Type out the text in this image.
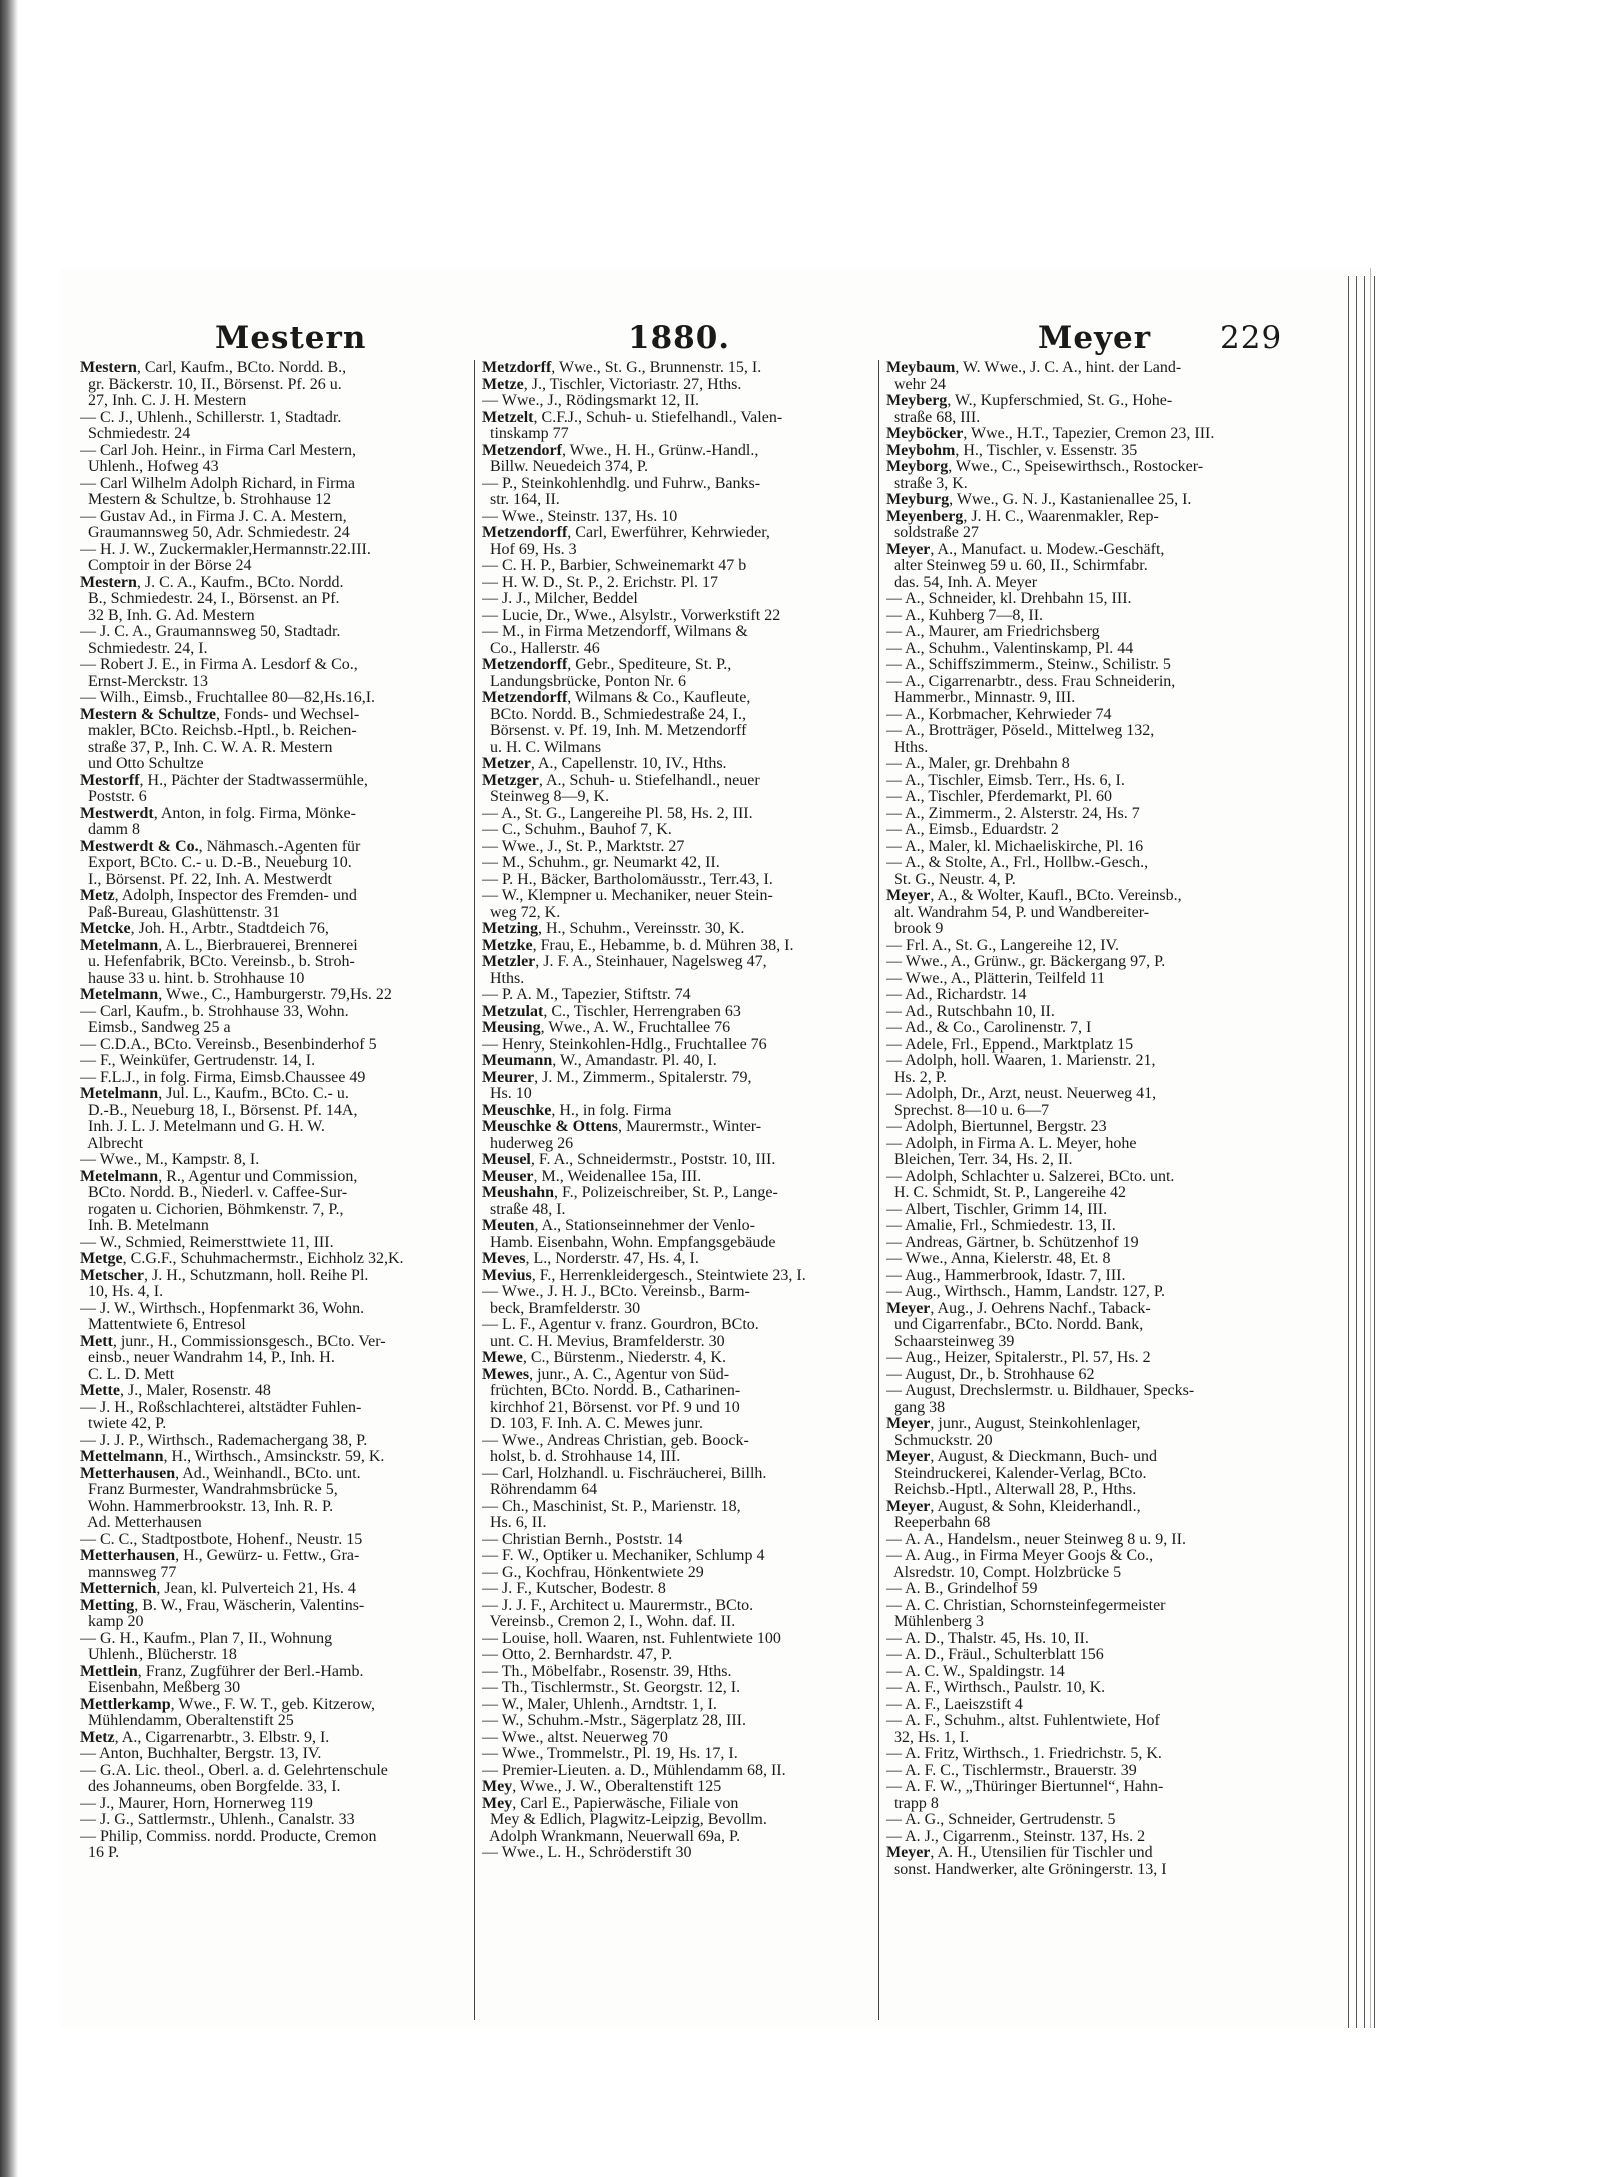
Mestern	1880.	Meyer 229
Mestern, Carl, Kaufm., BCto. Nordd. B.,
gr. Bäckerstr. 10, II., Börsenst. Pf. 26 u.
27, Inh. C. J. H. Mestern
— C. J., Uhlenh., Schillerstr. 1, Stadtadr.
Schmiedestr. 24
— Carl Joh. Heinr., in Firma Carl Mestern,
Uhlenh., Hofweg 43
— Carl Wilhelm Adolph Richard, in Firma
Mestern & Schultze, b. Strohhause 12
— Gustav Ad., in Firma J. C. A. Mestern,
Graumannsweg 50, Adr. Schmiedestr. 24
— H. J. W., Zuckermakler,Hermannstr.22.III.
Comptoir in der Börse 24
Mestern, J. C. A., Kaufm., BCto. Nordd.
B., Schmiedestr. 24, I., Börsenst. an Pf.
32 B, Inh. G. Ad. Mestern
— J. C. A., Graumannsweg 50, Stadtadr.
Schmiedestr. 24, I.
— Robert J. E., in Firma A. Lesdorf & Co.,
Ernst-Merckstr. 13
— Wilh., Eimsb., Fruchtallee 80—82,Hs.16,I.
Mestern & Schultze, Fonds- und Wechsel-
makler, BCto. Reichsb.-Hptl., b. Reichen-
straße 37, P., Inh. C. W. A. R. Mestern
und Otto Schultze
Mestorff, H., Pächter der Stadtwassermühle,
Poststr. 6
Mestwerdt, Anton, in folg. Firma, Mönke-
damm 8
Mestwerdt & Co., Nähmasch.-Agenten für
Export, BCto. C.- u. D.-B., Neueburg 10.
I., Börsenst. Pf. 22, Inh. A. Mestwerdt
Metz, Adolph, Inspector des Fremden- und
Paß-Bureau, Glashüttenstr. 31
Metcke, Joh. H., Arbtr., Stadtdeich 76,
Metelmann, A. L., Bierbrauerei, Brennerei
u. Hefenfabrik, BCto. Vereinsb., b. Stroh-
hause 33 u. hint. b. Strohhause 10
Metelmann, Wwe., C., Hamburgerstr. 79,Hs. 22
— Carl, Kaufm., b. Strohhause 33, Wohn.
Eimsb., Sandweg 25 a
— C.D.A., BCto. Vereinsb., Besenbinderhof 5
— F., Weinküfer, Gertrudenstr. 14, I.
— F.L.J., in folg. Firma, Eimsb.Chaussee 49
Metelmann, Jul. L., Kaufm., BCto. C.- u.
D.-B., Neueburg 18, I., Börsenst. Pf. 14A,
Inh. J. L. J. Metelmann und G. H. W.
Albrecht
— Wwe., M., Kampstr. 8, I.
Metelmann, R., Agentur und Commission,
BCto. Nordd. B., Niederl. v. Caffee-Sur-
rogaten u. Cichorien, Böhmkenstr. 7, P.,
Inh. B. Metelmann
— W., Schmied, Reimersttwiete 11, III.
Metge, C.G.F., Schuhmachermstr., Eichholz 32,K.
Metscher, J. H., Schutzmann, holl. Reihe Pl.
10, Hs. 4, I.
— J. W., Wirthsch., Hopfenmarkt 36, Wohn.
Mattentwiete 6, Entresol
Mett, junr., H., Commissionsgesch., BCto. Ver-
einsb., neuer Wandrahm 14, P., Inh. H.
C. L. D. Mett
Mette, J., Maler, Rosenstr. 48
— J. H., Roßschlachterei, altstädter Fuhlen-
twiete 42, P.
— J. J. P., Wirthsch., Rademachergang 38, P.
Mettelmann, H., Wirthsch., Amsinckstr. 59, K.
Metterhausen, Ad., Weinhandl., BCto. unt.
Franz Burmester, Wandrahmsbrücke 5,
Wohn. Hammerbrookstr. 13, Inh. R. P.
Ad. Metterhausen
— C. C., Stadtpostbote, Hohenf., Neustr. 15
Metterhausen, H., Gewürz- u. Fettw., Gra-
mannsweg 77
Metternich, Jean, kl. Pulverteich 21, Hs. 4
Metting, B. W., Frau, Wäscherin, Valentins-
kamp 20
— G. H., Kaufm., Plan 7, II., Wohnung
Uhlenh., Blücherstr. 18
Mettlein, Franz, Zugführer der Berl.-Hamb.
Eisenbahn, Meßberg 30
Mettlerkamp, Wwe., F. W. T., geb. Kitzerow,
Mühlendamm, Oberaltenstift 25
Metz, A., Cigarrenarbtr., 3. Elbstr. 9, I.
— Anton, Buchhalter, Bergstr. 13, IV.
— G.A. Lic. theol., Oberl. a. d. Gelehrtenschule
des Johanneums, oben Borgfelde. 33, I.
— J., Maurer, Horn, Hornerweg 119
— J. G., Sattlermstr., Uhlenh., Canalstr. 33
— Philip, Commiss. nordd. Producte, Cremon
16 P.
Metzdorff, Wwe., St. G., Brunnenstr. 15, I.
Metze, J., Tischler, Victoriastr. 27, Hths.
— Wwe., J., Rödingsmarkt 12, II.
Metzelt, C.F.J., Schuh- u. Stiefelhandl., Valen-
tinskamp 77
Metzendorf, Wwe., H. H., Grünw.-Handl.,
Billw. Neuedeich 374, P.
— P., Steinkohlenhdlg. und Fuhrw., Banks-
str. 164, II.
— Wwe., Steinstr. 137, Hs. 10
Metzendorff, Carl, Ewerführer, Kehrwieder,
Hof 69, Hs. 3
— C. H. P., Barbier, Schweinemarkt 47 b
— H. W. D., St. P., 2. Erichstr. Pl. 17
— J. J., Milcher, Beddel
— Lucie, Dr., Wwe., Alsylstr., Vorwerkstift 22
— M., in Firma Metzendorff, Wilmans &
Co., Hallerstr. 46
Metzendorff, Gebr., Spediteure, St. P.,
Landungsbrücke, Ponton Nr. 6
Metzendorff, Wilmans & Co., Kaufleute,
BCto. Nordd. B., Schmiedestraße 24, I.,
Börsenst. v. Pf. 19, Inh. M. Metzendorff
u. H. C. Wilmans
Metzer, A., Capellenstr. 10, IV., Hths.
Metzger, A., Schuh- u. Stiefelhandl., neuer
Steinweg 8—9, K.
— A., St. G., Langereihe Pl. 58, Hs. 2, III.
— C., Schuhm., Bauhof 7, K.
— Wwe., J., St. P., Marktstr. 27
— M., Schuhm., gr. Neumarkt 42, II.
— P. H., Bäcker, Bartholomäusstr., Terr.43, I.
— W., Klempner u. Mechaniker, neuer Stein-
weg 72, K.
Metzing, H., Schuhm., Vereinsstr. 30, K.
Metzke, Frau, E., Hebamme, b. d. Mühren 38, I.
Metzler, J. F. A., Steinhauer, Nagelsweg 47,
Hths.
— P. A. M., Tapezier, Stiftstr. 74
Metzulat, C., Tischler, Herrengraben 63
Meusing, Wwe., A. W., Fruchtallee 76
— Henry, Steinkohlen-Hdlg., Fruchtallee 76
Meumann, W., Amandastr. Pl. 40, I.
Meurer, J. M., Zimmerm., Spitalerstr. 79,
Hs. 10
Meuschke, H., in folg. Firma
Meuschke & Ottens, Maurermstr., Winter-
huderweg 26
Meusel, F. A., Schneidermstr., Poststr. 10, III.
Meuser, M., Weidenallee 15a, III.
Meushahn, F., Polizeischreiber, St. P., Lange-
straße 48, I.
Meuten, A., Stationseinnehmer der Venlo-
Hamb. Eisenbahn, Wohn. Empfangsgebäude
Meves, L., Norderstr. 47, Hs. 4, I.
Mevius, F., Herrenkleidergesch., Steintwiete 23, I.
— Wwe., J. H. J., BCto. Vereinsb., Barm-
beck, Bramfelderstr. 30
— L. F., Agentur v. franz. Gourdron, BCto.
unt. C. H. Mevius, Bramfelderstr. 30
Mewe, C., Bürstenm., Niederstr. 4, K.
Mewes, junr., A. C., Agentur von Süd-
früchten, BCto. Nordd. B., Catharinen-
kirchhof 21, Börsenst. vor Pf. 9 und 10
D. 103, F. Inh. A. C. Mewes junr.
— Wwe., Andreas Christian, geb. Boock-
holst, b. d. Strohhause 14, III.
— Carl, Holzhandl. u. Fischräucherei, Billh.
Röhrendamm 64
— Ch., Maschinist, St. P., Marienstr. 18,
Hs. 6, II.
— Christian Bernh., Poststr. 14
— F. W., Optiker u. Mechaniker, Schlump 4
— G., Kochfrau, Hönkentwiete 29
— J. F., Kutscher, Bodestr. 8
— J. J. F., Architect u. Maurermstr., BCto.
Vereinsb., Cremon 2, I., Wohn. daf. II.
— Louise, holl. Waaren, nst. Fuhlentwiete 100
— Otto, 2. Bernhardstr. 47, P.
— Th., Möbelfabr., Rosenstr. 39, Hths.
— Th., Tischlermstr., St. Georgstr. 12, I.
— W., Maler, Uhlenh., Arndtstr. 1, I.
— W., Schuhm.-Mstr., Sägerplatz 28, III.
— Wwe., altst. Neuerweg 70
— Wwe., Trommelstr., Pl. 19, Hs. 17, I.
— Premier-Lieuten. a. D., Mühlendamm 68, II.
Mey, Wwe., J. W., Oberaltenstift 125
Mey, Carl E., Papierwäsche, Filiale von
Mey & Edlich, Plagwitz-Leipzig, Bevollm.
Adolph Wrankmann, Neuerwall 69a, P.
— Wwe., L. H., Schröderstift 30
Meybaum, W. Wwe., J. C. A., hint. der Land-
wehr 24
Meyberg, W., Kupferschmied, St. G., Hohe-
straße 68, III.
Meyböcker, Wwe., H.T., Tapezier, Cremon 23, III.
Meybohm, H., Tischler, v. Essenstr. 35
Meyborg, Wwe., C., Speisewirthsch., Rostocker-
straße 3, K.
Meyburg, Wwe., G. N. J., Kastanienallee 25, I.
Meyenberg, J. H. C., Waarenmakler, Rep-
soldstraße 27
Meyer, A., Manufact. u. Modew.-Geschäft,
alter Steinweg 59 u. 60, II., Schirmfabr.
das. 54, Inh. A. Meyer
— A., Schneider, kl. Drehbahn 15, III.
— A., Kuhberg 7—8, II.
— A., Maurer, am Friedrichsberg
— A., Schuhm., Valentinskamp, Pl. 44
— A., Schiffszimmerm., Steinw., Schilistr. 5
— A., Cigarrenarbtr., dess. Frau Schneiderin,
Hammerbr., Minnastr. 9, III.
— A., Korbmacher, Kehrwieder 74
— A., Brotträger, Pöseld., Mittelweg 132,
Hths.
— A., Maler, gr. Drehbahn 8
— A., Tischler, Eimsb. Terr., Hs. 6, I.
— A., Tischler, Pferdemarkt, Pl. 60
— A., Zimmerm., 2. Alsterstr. 24, Hs. 7
— A., Eimsb., Eduardstr. 2
— A., Maler, kl. Michaeliskirche, Pl. 16
— A., & Stolte, A., Frl., Hollbw.-Gesch.,
St. G., Neustr. 4, P.
Meyer, A., & Wolter, Kaufl., BCto. Vereinsb.,
alt. Wandrahm 54, P. und Wandbereiter-
brook 9
— Frl. A., St. G., Langereihe 12, IV.
— Wwe., A., Grünw., gr. Bäckergang 97, P.
— Wwe., A., Plätterin, Teilfeld 11
— Ad., Richardstr. 14
— Ad., Rutschbahn 10, II.
— Ad., & Co., Carolinenstr. 7, I
— Adele, Frl., Eppend., Marktplatz 15
— Adolph, holl. Waaren, 1. Marienstr. 21,
Hs. 2, P.
— Adolph, Dr., Arzt, neust. Neuerweg 41,
Sprechst. 8—10 u. 6—7
— Adolph, Biertunnel, Bergstr. 23
— Adolph, in Firma A. L. Meyer, hohe
Bleichen, Terr. 34, Hs. 2, II.
— Adolph, Schlachter u. Salzerei, BCto. unt.
H. C. Schmidt, St. P., Langereihe 42
— Albert, Tischler, Grimm 14, III.
— Amalie, Frl., Schmiedestr. 13, II.
— Andreas, Gärtner, b. Schützenhof 19
— Wwe., Anna, Kielerstr. 48, Et. 8
— Aug., Hammerbrook, Idastr. 7, III.
— Aug., Wirthsch., Hamm, Landstr. 127, P.
Meyer, Aug., J. Oehrens Nachf., Taback-
und Cigarrenfabr., BCto. Nordd. Bank,
Schaarsteinweg 39
— Aug., Heizer, Spitalerstr., Pl. 57, Hs. 2
— August, Dr., b. Strohhause 62
— August, Drechslermstr. u. Bildhauer, Specks-
gang 38
Meyer, junr., August, Steinkohlenlager,
Schmuckstr. 20
Meyer, August, & Dieckmann, Buch- und
Steindruckerei, Kalender-Verlag, BCto.
Reichsb.-Hptl., Alterwall 28, P., Hths.
Meyer, August, & Sohn, Kleiderhandl.,
Reeperbahn 68
— A. A., Handelsm., neuer Steinweg 8 u. 9, II.
— A. Aug., in Firma Meyer Goojs & Co.,
Alsredstr. 10, Compt. Holzbrücke 5
— A. B., Grindelhof 59
— A. C. Christian, Schornsteinfegermeister
Mühlenberg 3
— A. D., Thalstr. 45, Hs. 10, II.
— A. D., Fräul., Schulterblatt 156
— A. C. W., Spaldingstr. 14
— A. F., Wirthsch., Paulstr. 10, K.
— A. F., Laeiszstift 4
— A. F., Schuhm., altst. Fuhlentwiete, Hof
32, Hs. 1, I.
— A. Fritz, Wirthsch., 1. Friedrichstr. 5, K.
— A. F. C., Tischlermstr., Brauerstr. 39
— A. F. W., „Thüringer Biertunnel“, Hahn-
trapp 8
— A. G., Schneider, Gertrudenstr. 5
— A. J., Cigarrenm., Steinstr. 137, Hs. 2
Meyer, A. H., Utensilien für Tischler und
sonst. Handwerker, alte Gröningerstr. 13, I
